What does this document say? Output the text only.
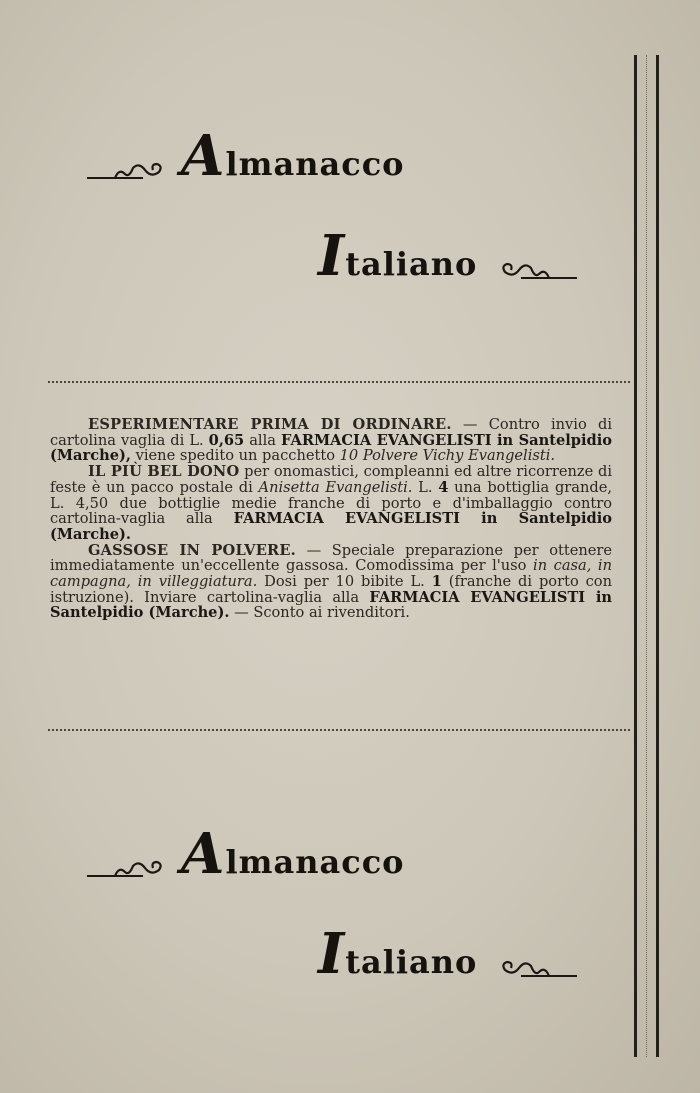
Almanacco
Italiano

ESPERIMENTARE PRIMA DI ORDINARE. — Contro invio di cartolina vaglia di L. 0,65 alla FARMACIA EVANGELISTI in Santelpidio (Marche), viene spedito un pacchetto 10 Polvere Vichy Evangelisti.

IL PIÙ BEL DONO per onomastici, compleanni ed altre ricorrenze di feste è un pacco postale di Anisetta Evangelisti. L. 4 una bottiglia grande, L. 4,50 due bottiglie medie franche di porto e d'imballaggio contro cartolina-vaglia alla FARMACIA EVANGELISTI in Santelpidio (Marche).

GASSOSE IN POLVERE. — Speciale preparazione per ottenere immediatamente un'eccellente gassosa. Comodissima per l'uso in casa, in campagna, in villeggiatura. Dosi per 10 bibite L. 1 (franche di porto con istruzione). Inviare cartolina-vaglia alla FARMACIA EVANGELISTI in Santelpidio (Marche). — Sconto ai rivenditori.

Almanacco
Italiano
